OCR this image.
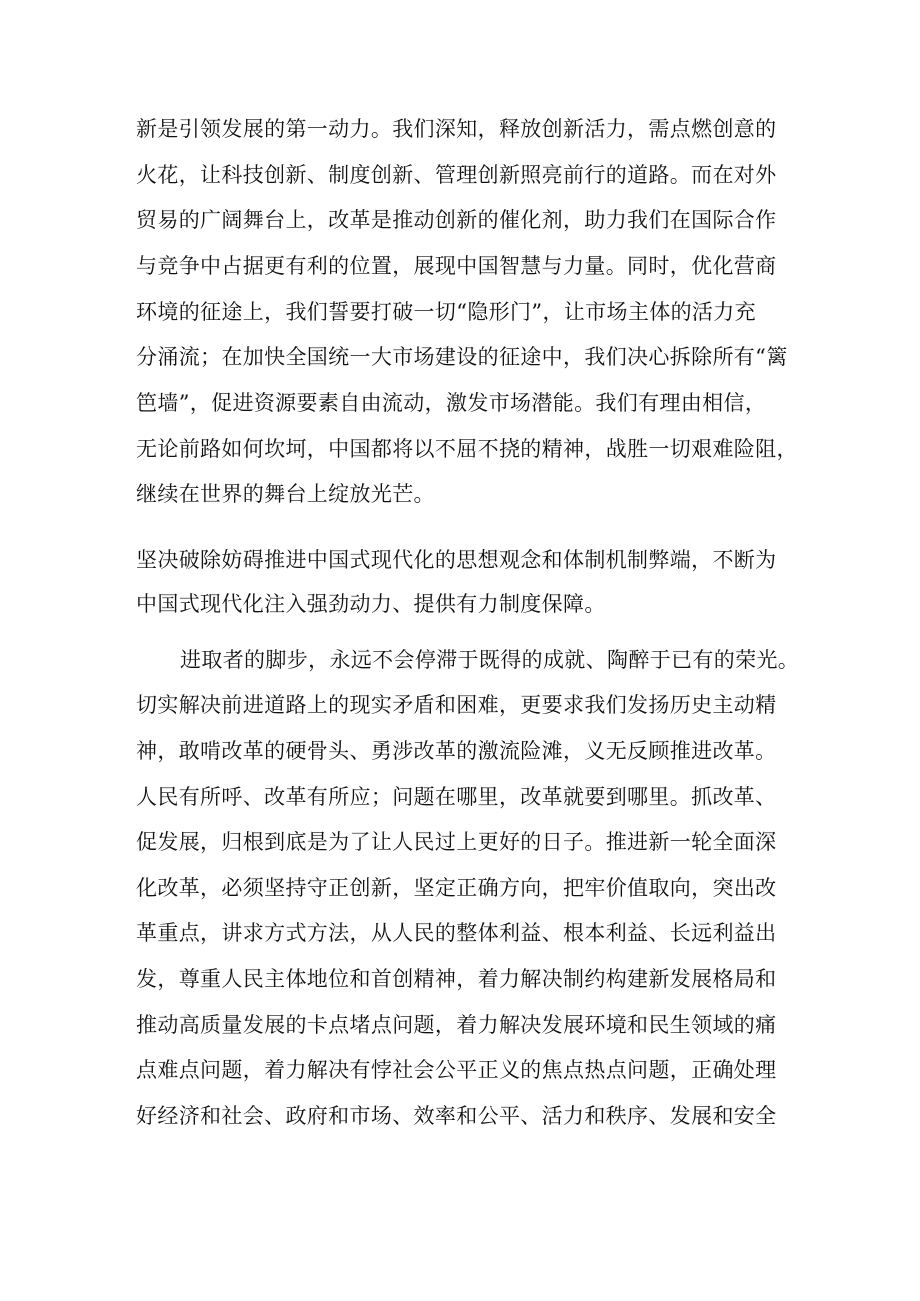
新是引领发展的第一动力。我们深知，释放创新活力，需点燃创意的

火花，让科技创新、制度创新、管理创新照亮前行的道路。而在对外

贸易的广阔舞台上，改革是推动创新的催化剂，助力我们在国际合作

与竞争中占据更有利的位置，展现中国智慧与力量。同时，优化营商

环境的征途上，我们誓要打破一切“隐形门”，让市场主体的活力充

分涌流；在加快全国统一大市场建设的征途中，我们决心拆除所有“篱

笆墙”，促进资源要素自由流动，激发市场潜能。我们有理由相信，

无论前路如何坎坷，中国都将以不屈不挠的精神，战胜一切艰难险阻，

继续在世界的舞台上绽放光芒。

坚决破除妨碍推进中国式现代化的思想观念和体制机制弊端，不断为

中国式现代化注入强劲动力、提供有力制度保障。

进取者的脚步，永远不会停滞于既得的成就、陶醉于已有的荣光。

切实解决前进道路上的现实矛盾和困难，更要求我们发扬历史主动精

神，敢啃改革的硬骨头、勇涉改革的激流险滩，义无反顾推进改革。

人民有所呼、改革有所应；问题在哪里，改革就要到哪里。抓改革、

促发展，归根到底是为了让人民过上更好的日子。推进新一轮全面深

化改革，必须坚持守正创新，坚定正确方向，把牢价值取向，突出改

革重点，讲求方式方法，从人民的整体利益、根本利益、长远利益出

发，尊重人民主体地位和首创精神，着力解决制约构建新发展格局和

推动高质量发展的卡点堵点问题，着力解决发展环境和民生领域的痛

点难点问题，着力解决有悖社会公平正义的焦点热点问题，正确处理

好经济和社会、政府和市场、效率和公平、活力和秩序、发展和安全
